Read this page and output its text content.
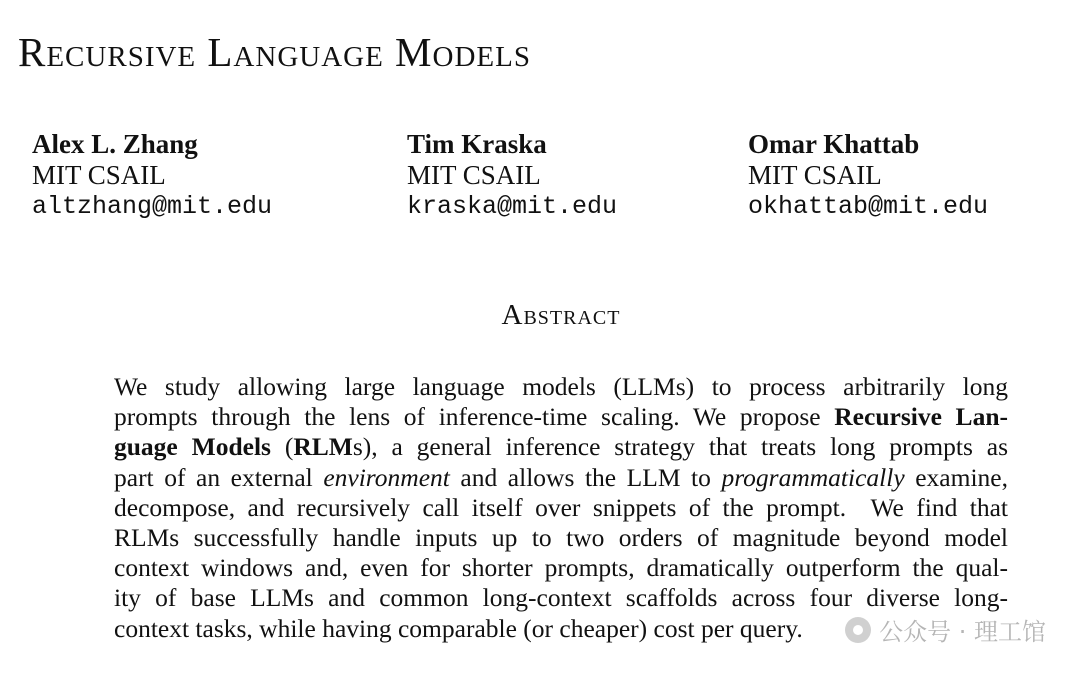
Recursive Language Models
Alex L. Zhang
MIT CSAIL
altzhang@mit.edu
Tim Kraska
MIT CSAIL
kraska@mit.edu
Omar Khattab
MIT CSAIL
okhattab@mit.edu
Abstract
We study allowing large language models (LLMs) to process arbitrarily long
prompts through the lens of inference-time scaling. We propose Recursive Lan-
guage Models (RLMs), a general inference strategy that treats long prompts as
part of an external environment and allows the LLM to programmatically examine,
decompose, and recursively call itself over snippets of the prompt.  We find that
RLMs successfully handle inputs up to two orders of magnitude beyond model
context windows and, even for shorter prompts, dramatically outperform the qual-
ity of base LLMs and common long-context scaffolds across four diverse long-
context tasks, while having comparable (or cheaper) cost per query.	公众号 · 理工馆
